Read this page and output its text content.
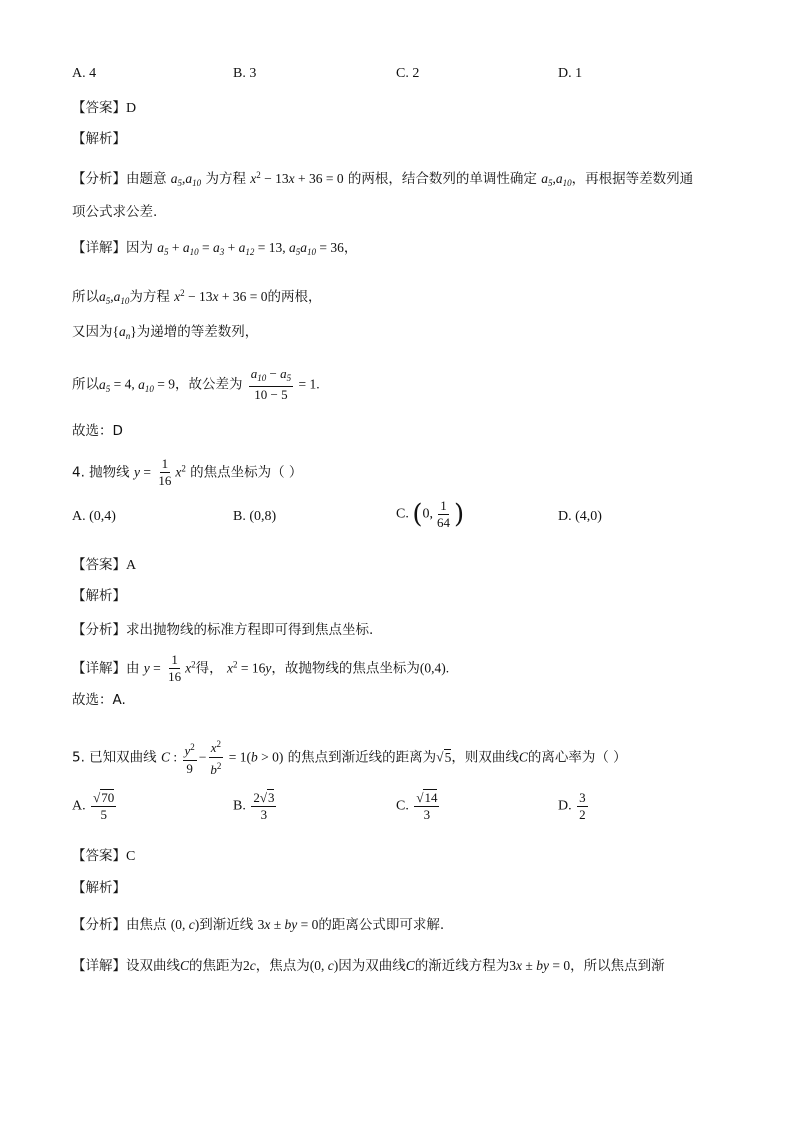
A. 4	B. 3	C. 2	D. 1
【答案】D
【解析】
【分析】由题意 $a_5,a_{10}$ 为方程 $x^2 - 13x + 36 = 0$ 的两根，结合数列的单调性确定 $a_5,a_{10}$，再根据等差数列通
项公式求公差.
【详解】因为 $a_5 + a_{10} = a_3 + a_{12} = 13$, $a_5a_{10} = 36$，
所以$a_5,a_{10}$为方程 $x^2 - 13x + 36 = 0$的两根，
又因为$\{a_n\}$为递增的等差数列，
所以$a_5 = 4$, $a_{10} = 9$，故公差为 $\frac{a_{10} - a_5}{10 - 5} = 1$.
故选：D
4. 抛物线 $y = \frac{1}{16} x^2$ 的焦点坐标为（ ）
A. (0,4)	B. (0,8)	C. (0, $\frac{1}{64}$ )	D. (4,0)
【答案】A
【解析】
【分析】求出抛物线的标准方程即可得到焦点坐标.
【详解】由 $y = \frac{1}{16} x^2$得， $x^2 = 16y$，故抛物线的焦点坐标为(0,4).
故选：A.
5. 已知双曲线 C : $\frac{y^2}{9} - \frac{x^2}{b^2} = 1(b > 0)$ 的焦点到渐近线的距离为√5，则双曲线C的离心率为（ ）
A. $\frac{√70}{5}$	B. $\frac{2√3}{3}$	C. $\frac{√14}{3}$	D. $\frac{3}{2}$
【答案】C
【解析】
【分析】由焦点 (0, c)到渐近线 3x ± by = 0的距离公式即可求解.
【详解】设双曲线C的焦距为2c，焦点为(0, c)因为双曲线C的渐近线方程为3x ± by = 0，所以焦点到渐
